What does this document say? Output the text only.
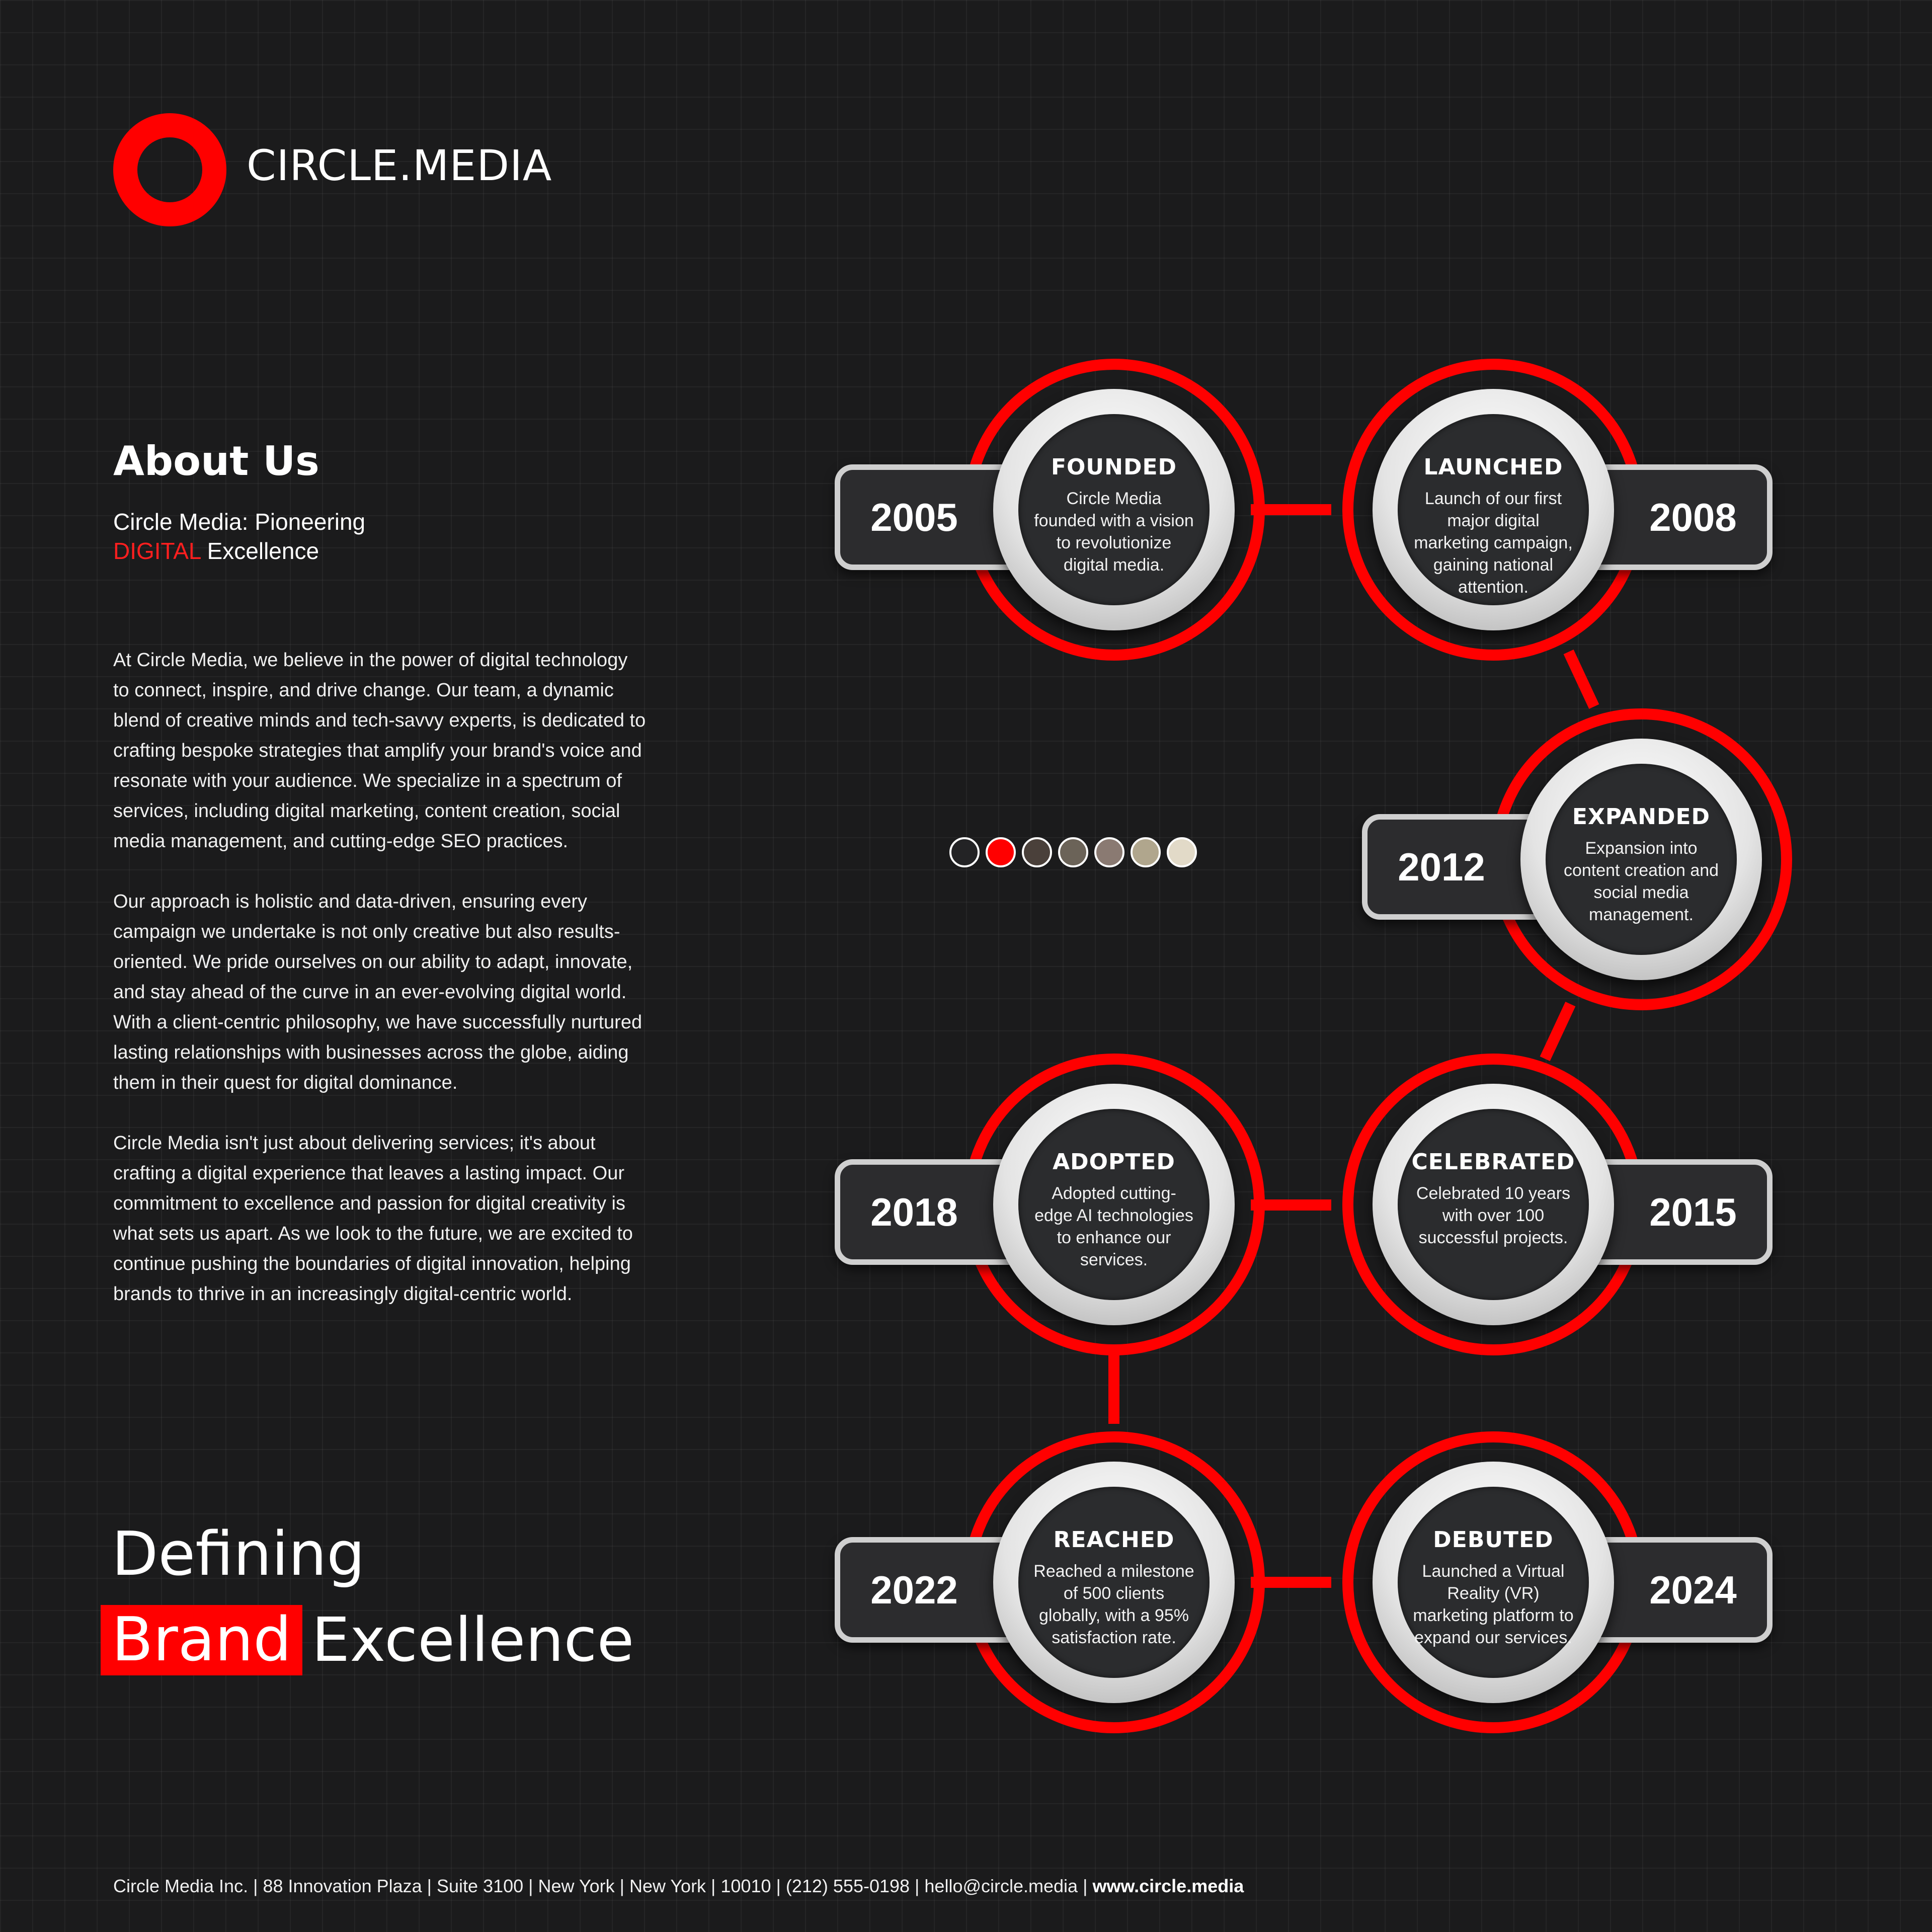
CIRCLE.MEDIA
About Us
Circle Media: Pioneering
DIGITAL Excellence

At Circle Media, we believe in the power of digital technology to connect, inspire, and drive change. Our team, a dynamic blend of creative minds and tech-savvy experts, is dedicated to crafting bespoke strategies that amplify your brand's voice and resonate with your audience. We specialize in a spectrum of services, including digital marketing, content creation, social media management, and cutting-edge SEO practices.

Our approach is holistic and data-driven, ensuring every campaign we undertake is not only creative but also results-oriented. We pride ourselves on our ability to adapt, innovate, and stay ahead of the curve in an ever-evolving digital world. With a client-centric philosophy, we have successfully nurtured lasting relationships with businesses across the globe, aiding them in their quest for digital dominance.

Circle Media isn't just about delivering services; it's about crafting a digital experience that leaves a lasting impact. Our commitment to excellence and passion for digital creativity is what sets us apart. As we look to the future, we are excited to continue pushing the boundaries of digital innovation, helping brands to thrive in an increasingly digital-centric world.

Defining
Brand Excellence
2005
FOUNDED
Circle Media founded with a vision to revolutionize digital media.
2008
LAUNCHED
Launch of our first major digital marketing campaign, gaining national attention.
2012
EXPANDED
Expansion into content creation and social media management.
2015
CELEBRATED
Celebrated 10 years with over 100 successful projects.
2018
ADOPTED
Adopted cutting-edge AI technologies to enhance our services.
2022
REACHED
Reached a milestone of 500 clients globally, with a 95% satisfaction rate.
2024
DEBUTED
Launched a Virtual Reality (VR) marketing platform to expand our services.
Circle Media Inc. | 88 Innovation Plaza | Suite 3100 | New York | New York | 10010 | (212) 555-0198 | hello@circle.media | www.circle.media
